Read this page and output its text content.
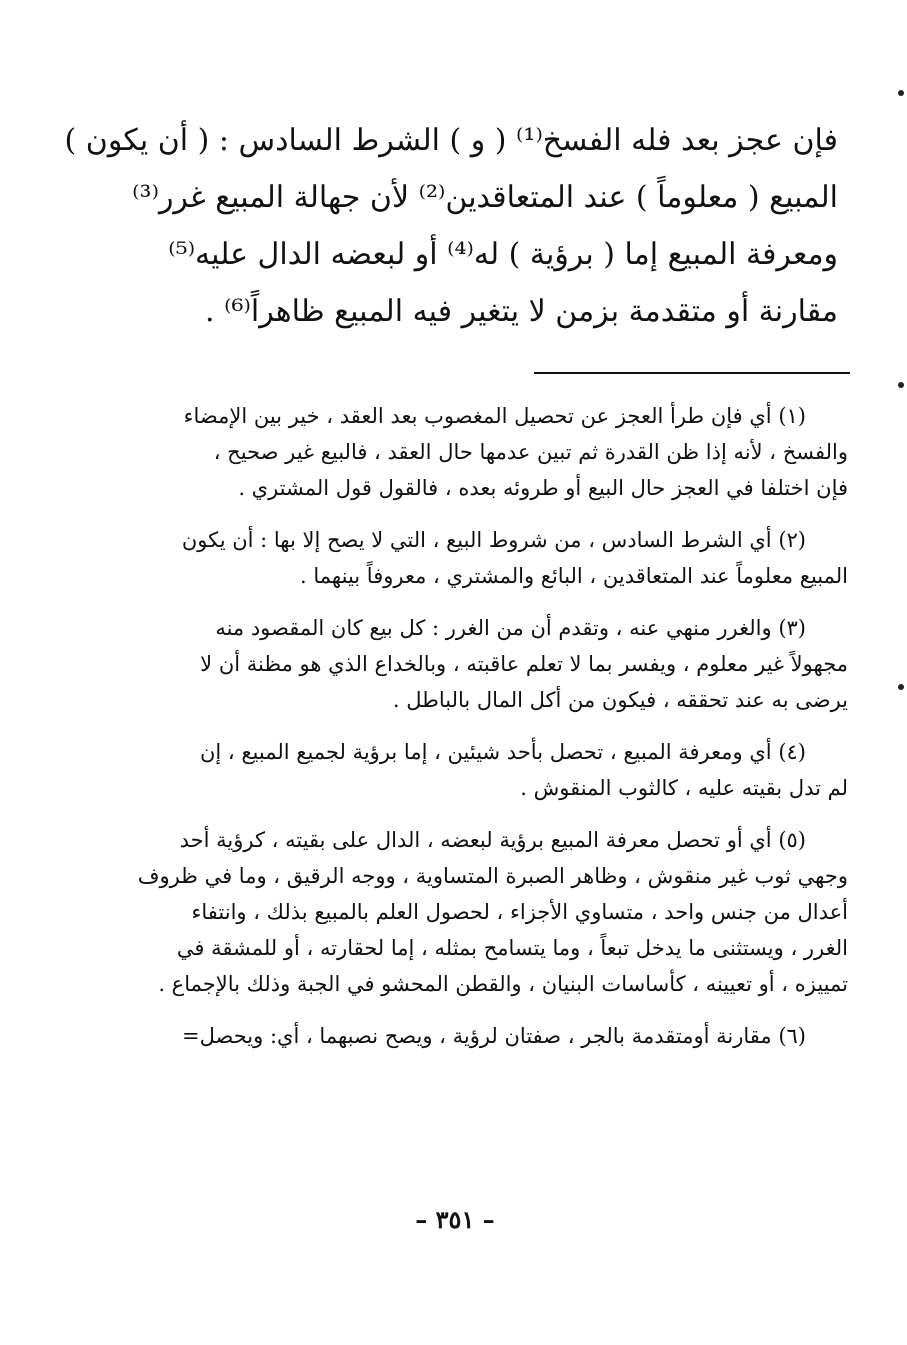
فإن عجز بعد فله الفسخ⁽¹⁾ ( و ) الشرط السادس : ( أن يكون )
المبيع ( معلوماً ) عند المتعاقدين⁽²⁾ لأن جهالة المبيع غرر⁽³⁾
ومعرفة المبيع إما ( برؤية ) له⁽⁴⁾ أو لبعضه الدال عليه⁽⁵⁾
مقارنة أو متقدمة بزمن لا يتغير فيه المبيع ظاهراً⁽⁶⁾ .
(١) أي فإن طرأ العجز عن تحصيل المغصوب بعد العقد ، خير بين الإمضاء
والفسخ ، لأنه إذا ظن القدرة ثم تبين عدمها حال العقد ، فالبيع غير صحيح ،
فإن اختلفا في العجز حال البيع أو طروئه بعده ، فالقول قول المشتري .
(٢) أي الشرط السادس ، من شروط البيع ، التي لا يصح إلا بها : أن يكون
المبيع معلوماً عند المتعاقدين ، البائع والمشتري ، معروفاً بينهما .
(٣) والغرر منهي عنه ، وتقدم أن من الغرر : كل بيع كان المقصود منه
مجهولاً غير معلوم ، ويفسر بما لا تعلم عاقبته ، وبالخداع الذي هو مظنة أن لا
يرضى به عند تحققه ، فيكون من أكل المال بالباطل .
(٤) أي ومعرفة المبيع ، تحصل بأحد شيئين ، إما برؤية لجميع المبيع ، إن
لم تدل بقيته عليه ، كالثوب المنقوش .
(٥) أي أو تحصل معرفة المبيع برؤية لبعضه ، الدال على بقيته ، كرؤية أحد
وجهي ثوب غير منقوش ، وظاهر الصبرة المتساوية ، ووجه الرقيق ، وما في ظروف
أعدال من جنس واحد ، متساوي الأجزاء ، لحصول العلم بالمبيع بذلك ، وانتفاء
الغرر ، ويستثنى ما يدخل تبعاً ، وما يتسامح بمثله ، إما لحقارته ، أو للمشقة في
تمييزه ، أو تعيينه ، كأساسات البنيان ، والقطن المحشو في الجبة وذلك بالإجماع .
(٦) مقارنة أومتقدمة بالجر ، صفتان لرؤية ، ويصح نصبهما ، أي: ويحصل=
– ٣٥١ –
